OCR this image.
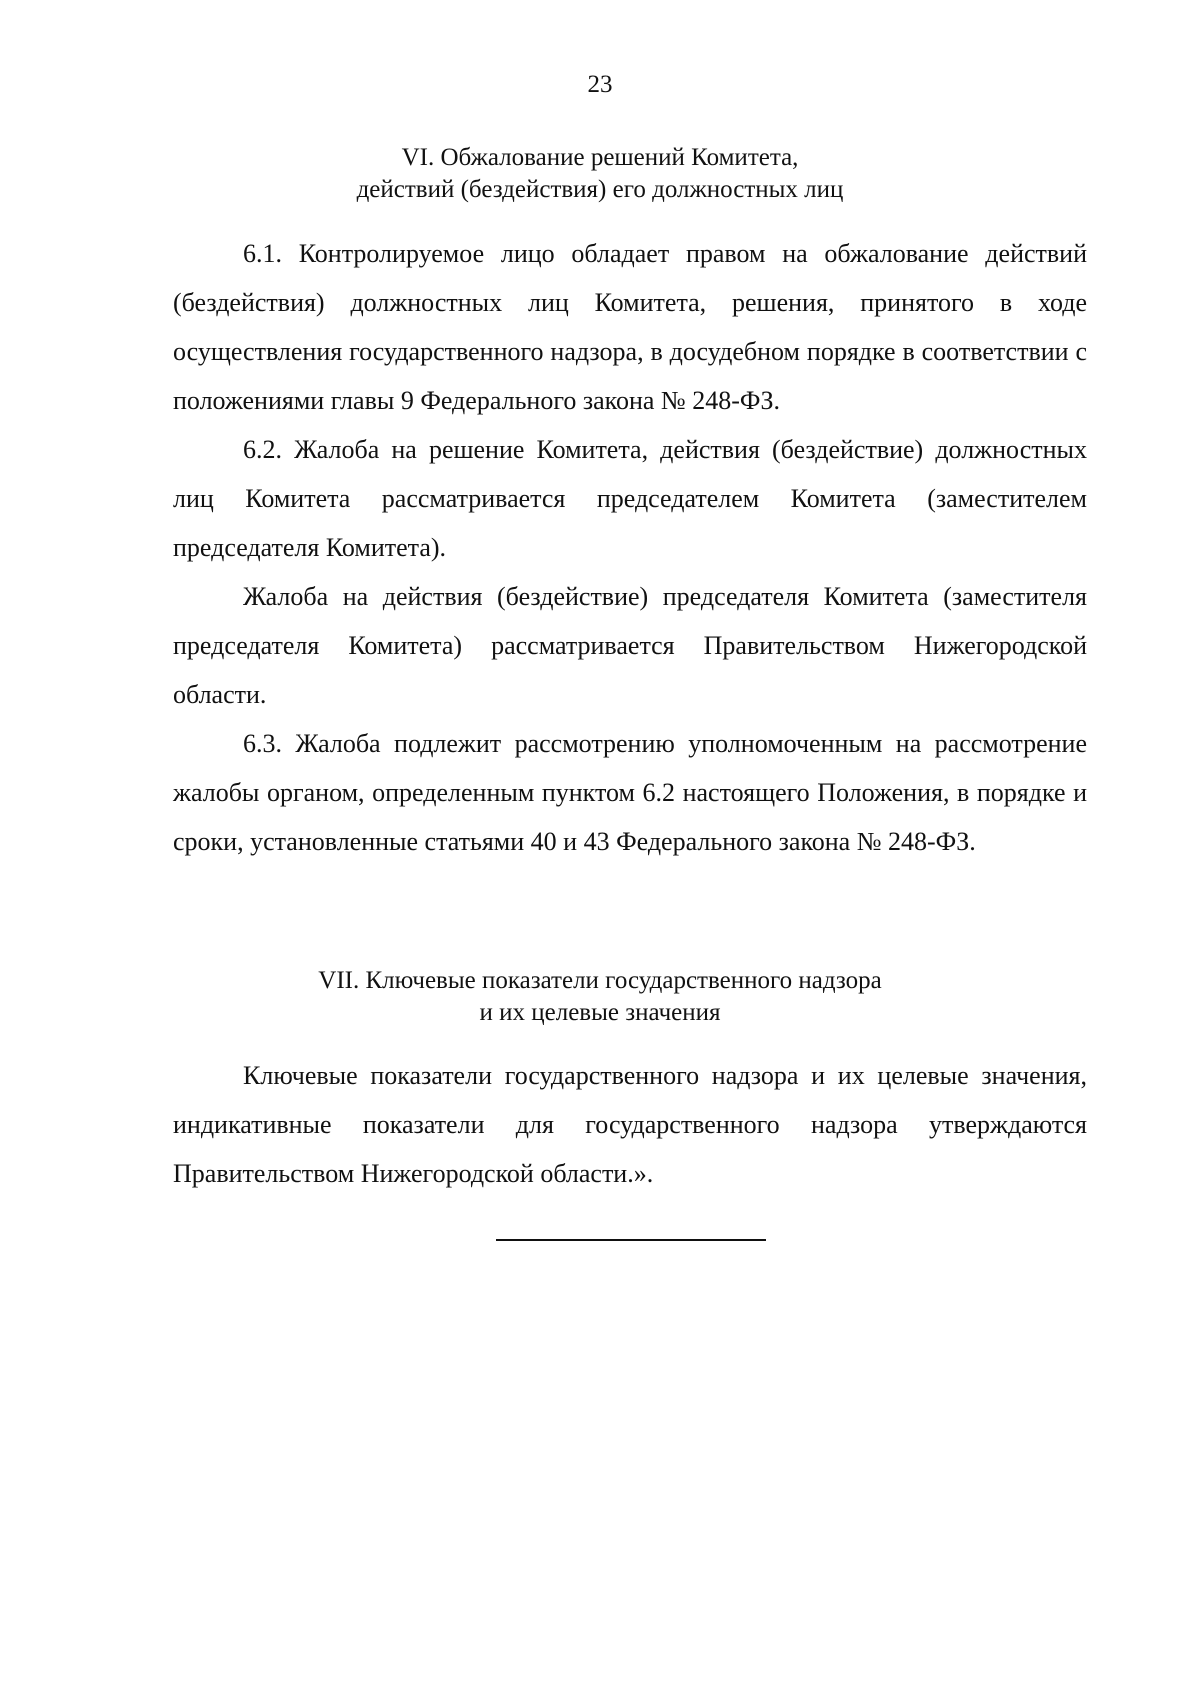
23
VI. Обжалование решений Комитета,
действий (бездействия) его должностных лиц

6.1. Контролируемое лицо обладает правом на обжалование действий (бездействия) должностных лиц Комитета, решения, принятого в ходе осуществления государственного надзора, в досудебном порядке в соответствии с положениями главы 9 Федерального закона № 248-ФЗ.

6.2. Жалоба на решение Комитета, действия (бездействие) должностных лиц Комитета рассматривается председателем Комитета (заместителем председателя Комитета).

Жалоба на действия (бездействие) председателя Комитета (заместителя председателя Комитета) рассматривается Правительством Нижегородской области.

6.3. Жалоба подлежит рассмотрению уполномоченным на рассмотрение жалобы органом, определенным пунктом 6.2 настоящего Положения, в порядке и сроки, установленные статьями 40 и 43 Федерального закона № 248-ФЗ.

VII. Ключевые показатели государственного надзора
и их целевые значения

Ключевые показатели государственного надзора и их целевые значения, индикативные показатели для государственного надзора утверждаются Правительством Нижегородской области.».
